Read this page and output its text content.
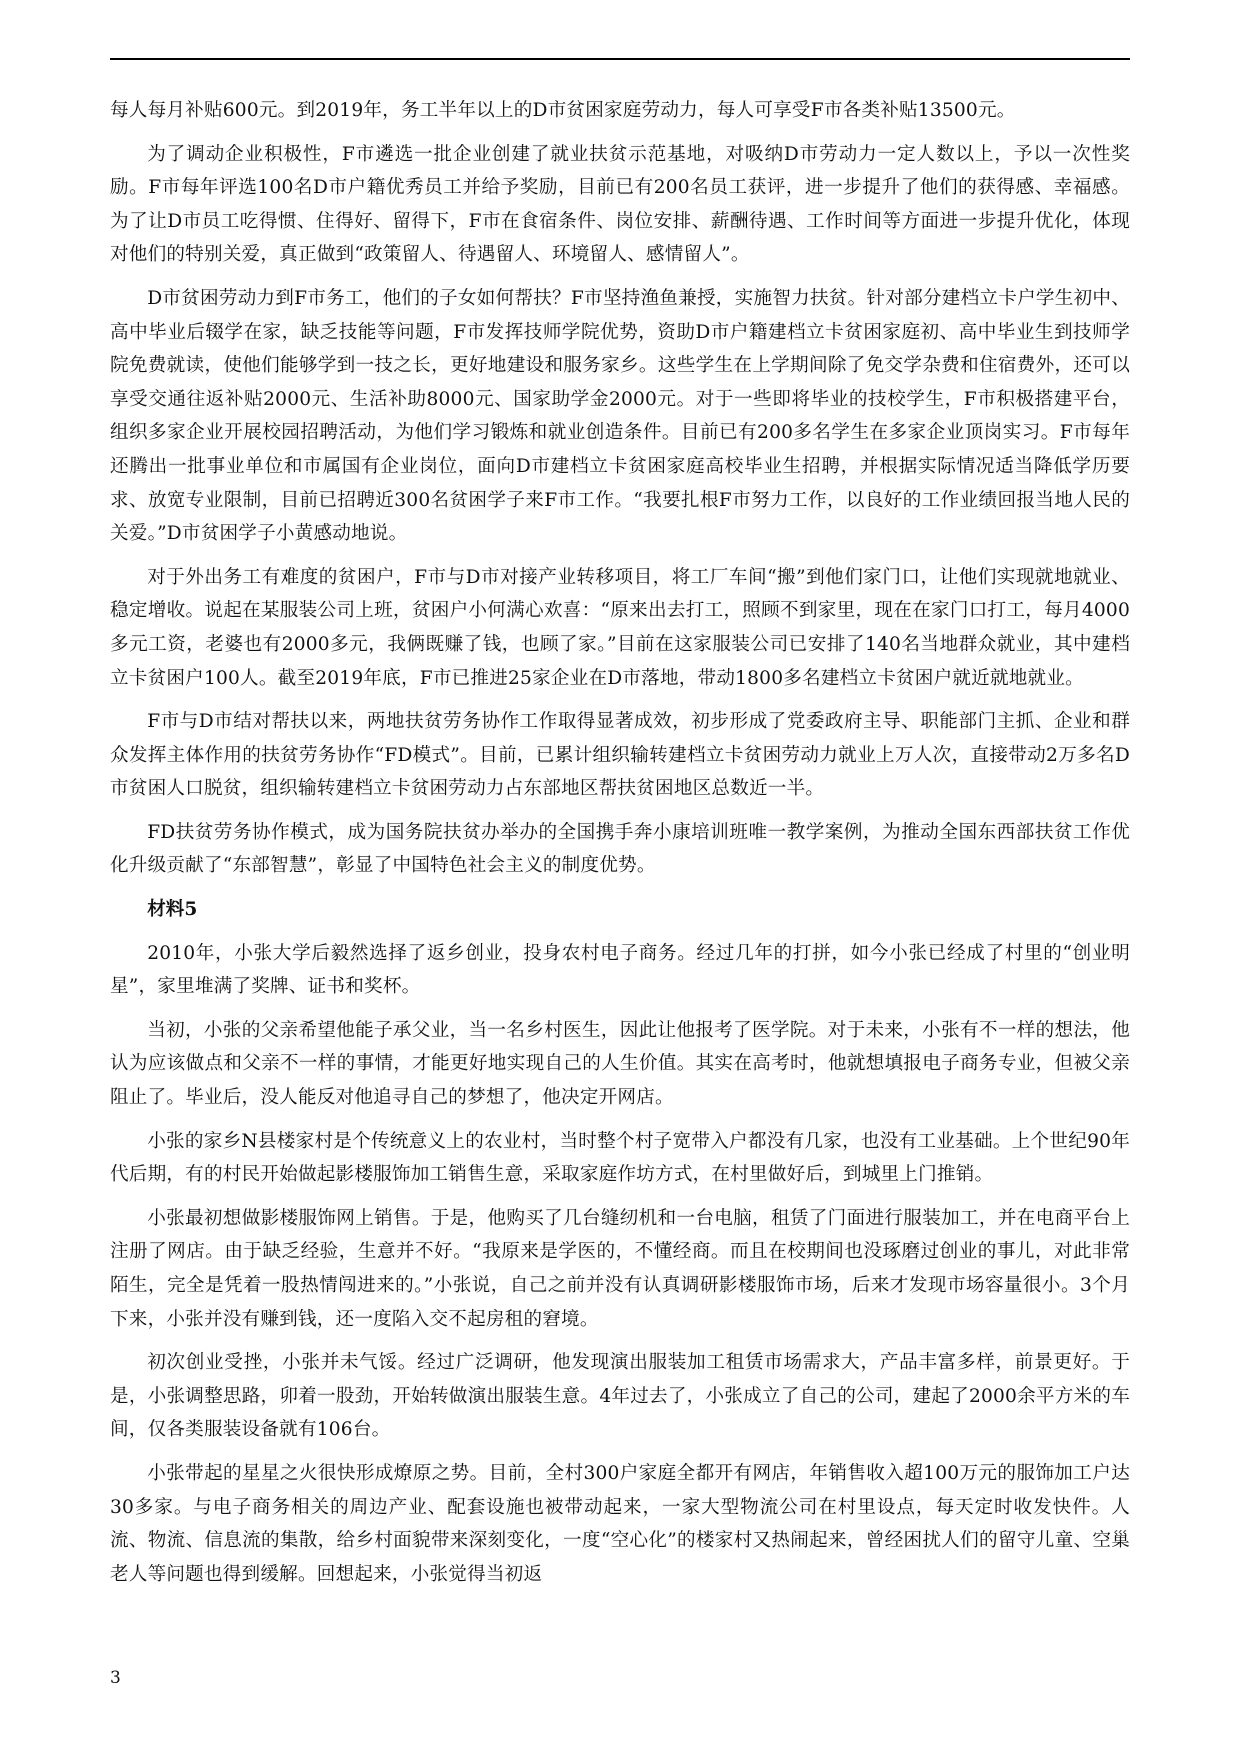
每人每月补贴600元。到2019年，务工半年以上的D市贫困家庭劳动力，每人可享受F市各类补贴13500元。

为了调动企业积极性，F市遴选一批企业创建了就业扶贫示范基地，对吸纳D市劳动力一定人数以上，予以一次性奖励。F市每年评选100名D市户籍优秀员工并给予奖励，目前已有200名员工获评，进一步提升了他们的获得感、幸福感。为了让D市员工吃得惯、住得好、留得下，F市在食宿条件、岗位安排、薪酬待遇、工作时间等方面进一步提升优化，体现对他们的特别关爱，真正做到“政策留人、待遇留人、环境留人、感情留人”。

D市贫困劳动力到F市务工，他们的子女如何帮扶？F市坚持渔鱼兼授，实施智力扶贫。针对部分建档立卡户学生初中、高中毕业后辍学在家，缺乏技能等问题，F市发挥技师学院优势，资助D市户籍建档立卡贫困家庭初、高中毕业生到技师学院免费就读，使他们能够学到一技之长，更好地建设和服务家乡。这些学生在上学期间除了免交学杂费和住宿费外，还可以享受交通往返补贴2000元、生活补助8000元、国家助学金2000元。对于一些即将毕业的技校学生，F市积极搭建平台，组织多家企业开展校园招聘活动，为他们学习锻炼和就业创造条件。目前已有200多名学生在多家企业顶岗实习。F市每年还腾出一批事业单位和市属国有企业岗位，面向D市建档立卡贫困家庭高校毕业生招聘，并根据实际情况适当降低学历要求、放宽专业限制，目前已招聘近300名贫困学子来F市工作。“我要扎根F市努力工作，以良好的工作业绩回报当地人民的关爱。”D市贫困学子小黄感动地说。

对于外出务工有难度的贫困户，F市与D市对接产业转移项目，将工厂车间“搬”到他们家门口，让他们实现就地就业、稳定增收。说起在某服装公司上班，贫困户小何满心欢喜：“原来出去打工，照顾不到家里，现在在家门口打工，每月4000多元工资，老婆也有2000多元，我俩既赚了钱，也顾了家。”目前在这家服装公司已安排了140名当地群众就业，其中建档立卡贫困户100人。截至2019年底，F市已推进25家企业在D市落地，带动1800多名建档立卡贫困户就近就地就业。

F市与D市结对帮扶以来，两地扶贫劳务协作工作取得显著成效，初步形成了党委政府主导、职能部门主抓、企业和群众发挥主体作用的扶贫劳务协作“FD模式”。目前，已累计组织输转建档立卡贫困劳动力就业上万人次，直接带动2万多名D市贫困人口脱贫，组织输转建档立卡贫困劳动力占东部地区帮扶贫困地区总数近一半。

FD扶贫劳务协作模式，成为国务院扶贫办举办的全国携手奔小康培训班唯一教学案例，为推动全国东西部扶贫工作优化升级贡献了“东部智慧”，彰显了中国特色社会主义的制度优势。

材料5

2010年，小张大学后毅然选择了返乡创业，投身农村电子商务。经过几年的打拼，如今小张已经成了村里的“创业明星”，家里堆满了奖牌、证书和奖杯。

当初，小张的父亲希望他能子承父业，当一名乡村医生，因此让他报考了医学院。对于未来，小张有不一样的想法，他认为应该做点和父亲不一样的事情，才能更好地实现自己的人生价值。其实在高考时，他就想填报电子商务专业，但被父亲阻止了。毕业后，没人能反对他追寻自己的梦想了，他决定开网店。

小张的家乡N县楼家村是个传统意义上的农业村，当时整个村子宽带入户都没有几家，也没有工业基础。上个世纪90年代后期，有的村民开始做起影楼服饰加工销售生意，采取家庭作坊方式，在村里做好后，到城里上门推销。

小张最初想做影楼服饰网上销售。于是，他购买了几台缝纫机和一台电脑，租赁了门面进行服装加工，并在电商平台上注册了网店。由于缺乏经验，生意并不好。“我原来是学医的，不懂经商。而且在校期间也没琢磨过创业的事儿，对此非常陌生，完全是凭着一股热情闯进来的。”小张说，自己之前并没有认真调研影楼服饰市场，后来才发现市场容量很小。3个月下来，小张并没有赚到钱，还一度陷入交不起房租的窘境。

初次创业受挫，小张并未气馁。经过广泛调研，他发现演出服装加工租赁市场需求大，产品丰富多样，前景更好。于是，小张调整思路，卯着一股劲，开始转做演出服装生意。4年过去了，小张成立了自己的公司，建起了2000余平方米的车间，仅各类服装设备就有106台。

小张带起的星星之火很快形成燎原之势。目前，全村300户家庭全都开有网店，年销售收入超100万元的服饰加工户达30多家。与电子商务相关的周边产业、配套设施也被带动起来，一家大型物流公司在村里设点，每天定时收发快件。人流、物流、信息流的集散，给乡村面貌带来深刻变化，一度“空心化”的楼家村又热闹起来，曾经困扰人们的留守儿童、空巢老人等问题也得到缓解。回想起来，小张觉得当初返

3
